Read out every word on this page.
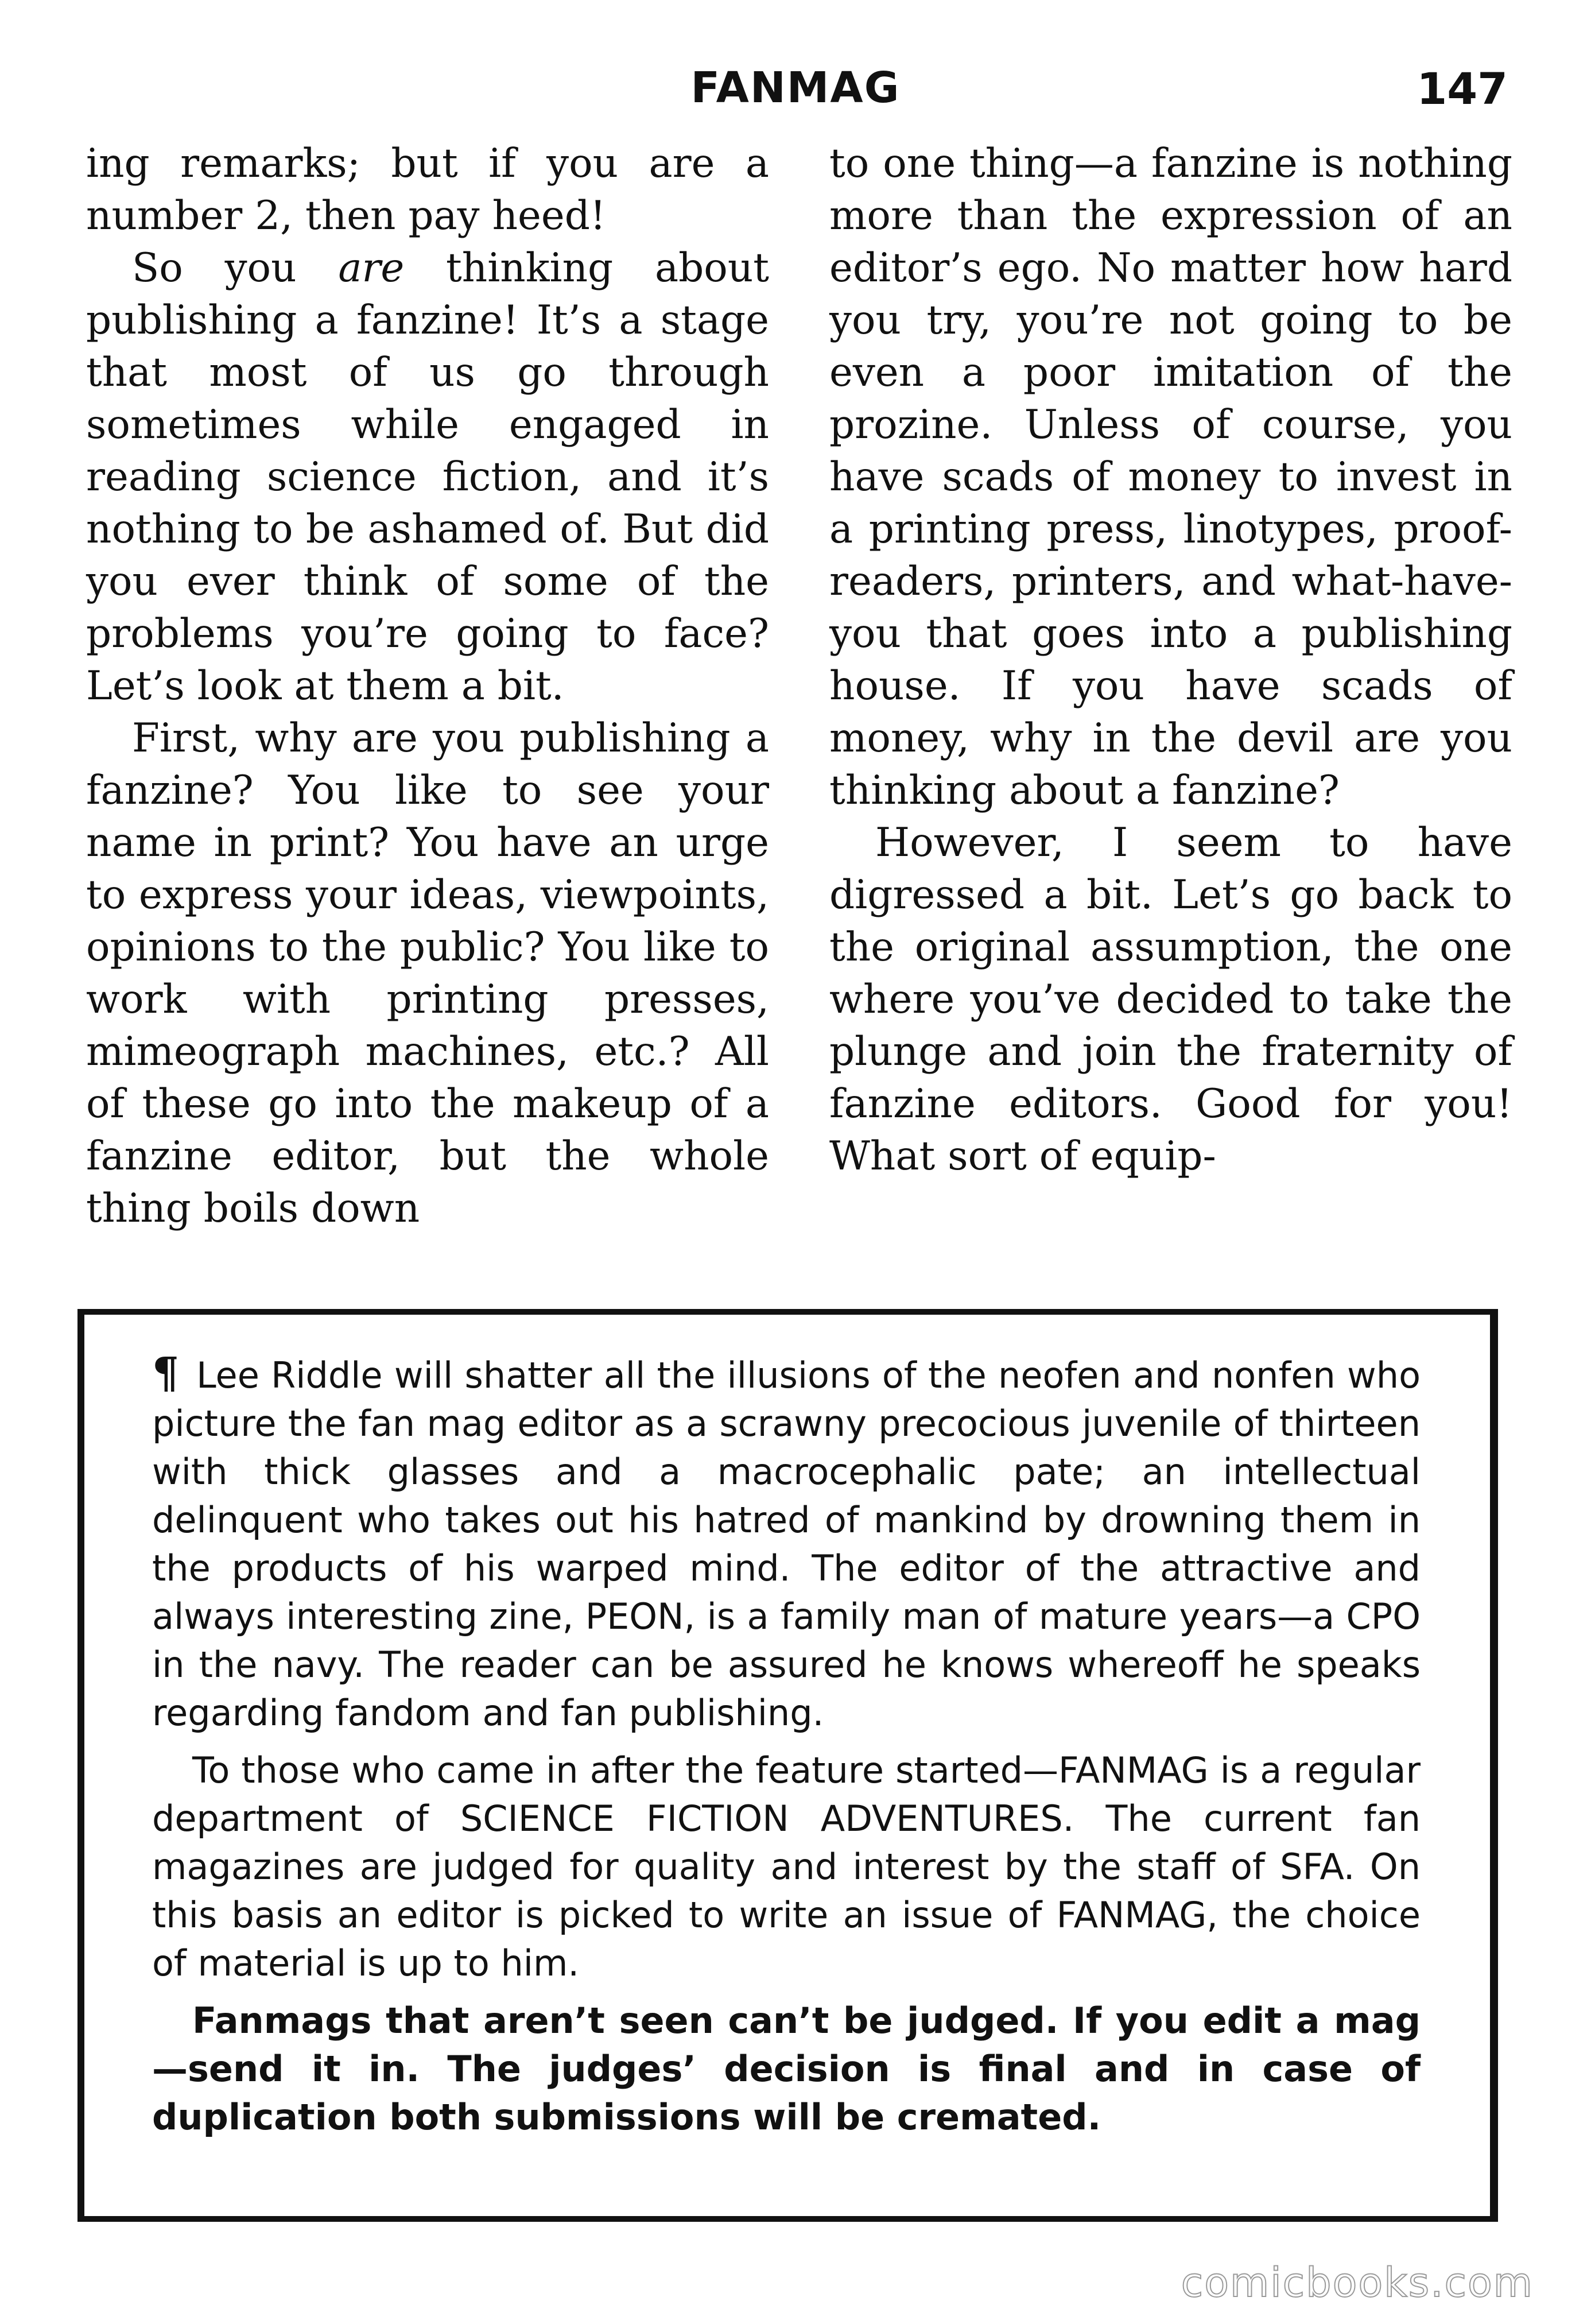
FANMAG	147

ing remarks; but if you are a number 2, then pay heed!

So you are thinking about publishing a fanzine! It’s a stage that most of us go through sometimes while engaged in reading science fiction, and it’s nothing to be ashamed of. But did you ever think of some of the problems you’re going to face? Let’s look at them a bit.

First, why are you publishing a fanzine? You like to see your name in print? You have an urge to express your ideas, viewpoints, opinions to the public? You like to work with printing presses, mimeograph machines, etc.? All of these go into the makeup of a fanzine editor, but the whole thing boils down

to one thing—a fanzine is nothing more than the expression of an editor’s ego. No matter how hard you try, you’re not going to be even a poor imitation of the prozine. Unless of course, you have scads of money to invest in a printing press, linotypes, proof-readers, printers, and what-have-you that goes into a publishing house. If you have scads of money, why in the devil are you thinking about a fanzine?

However, I seem to have digressed a bit. Let’s go back to the original assumption, the one where you’ve decided to take the plunge and join the fraternity of fanzine editors. Good for you! What sort of equip-

¶ Lee Riddle will shatter all the illusions of the neofen and nonfen who picture the fan mag editor as a scrawny precocious juvenile of thirteen with thick glasses and a macrocephalic pate; an intellectual delinquent who takes out his hatred of mankind by drowning them in the products of his warped mind. The editor of the attractive and always interesting zine, PEON, is a family man of mature years—a CPO in the navy. The reader can be assured he knows whereoff he speaks regarding fandom and fan publishing.

To those who came in after the feature started—FANMAG is a regular department of SCIENCE FICTION ADVENTURES. The current fan magazines are judged for quality and interest by the staff of SFA. On this basis an editor is picked to write an issue of FANMAG, the choice of material is up to him.

Fanmags that aren’t seen can’t be judged. If you edit a mag—send it in. The judges’ decision is final and in case of duplication both submissions will be cremated.

comicbooks.com
